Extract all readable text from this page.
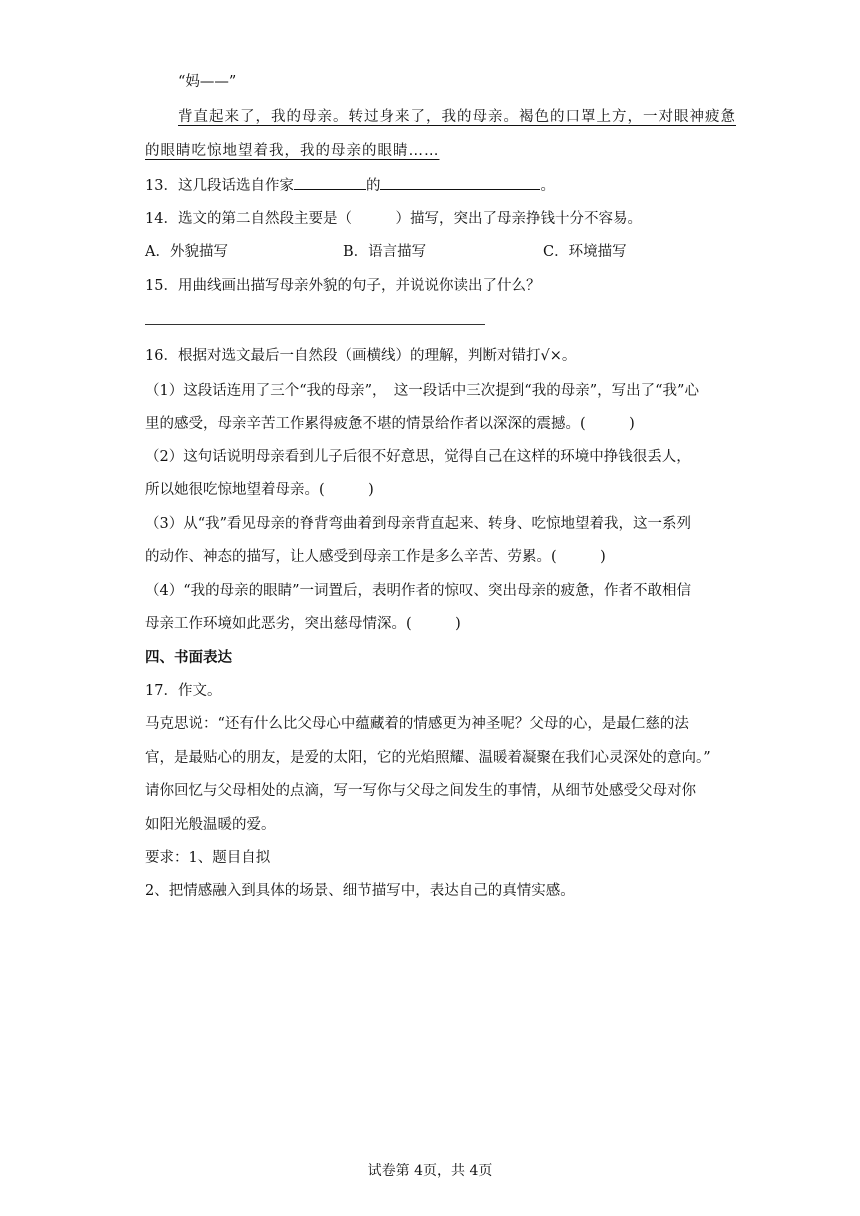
“妈——”
背直起来了，我的母亲。转过身来了，我的母亲。褐色的口罩上方，一对眼神疲惫
的眼睛吃惊地望着我，我的母亲的眼睛……
13．这几段话选自作家	的	。
14．选文的第二自然段主要是（　　　）描写，突出了母亲挣钱十分不容易。
A．外貌描写	B．语言描写	C．环境描写
15．用曲线画出描写母亲外貌的句子，并说说你读出了什么？
16．根据对选文最后一自然段（画横线）的理解，判断对错打√×。
（1）这段话连用了三个“我的母亲”，　这一段话中三次提到“我的母亲”，写出了“我”心
里的感受，母亲辛苦工作累得疲惫不堪的情景给作者以深深的震撼。(　　　)
（2）这句话说明母亲看到儿子后很不好意思，觉得自己在这样的环境中挣钱很丢人，
所以她很吃惊地望着母亲。(　　　)
（3）从“我”看见母亲的脊背弯曲着到母亲背直起来、转身、吃惊地望着我，这一系列
的动作、神态的描写，让人感受到母亲工作是多么辛苦、劳累。(　　　)
（4）“我的母亲的眼睛”一词置后，表明作者的惊叹、突出母亲的疲惫，作者不敢相信
母亲工作环境如此恶劣，突出慈母情深。(　　　)
四、书面表达
17．作文。
马克思说：“还有什么比父母心中蕴藏着的情感更为神圣呢？父母的心，是最仁慈的法
官，是最贴心的朋友，是爱的太阳，它的光焰照耀、温暖着凝聚在我们心灵深处的意向。”
请你回忆与父母相处的点滴，写一写你与父母之间发生的事情，从细节处感受父母对你
如阳光般温暖的爱。
要求：1、题目自拟
2、把情感融入到具体的场景、细节描写中，表达自己的真情实感。
试卷第 4页，共 4页
